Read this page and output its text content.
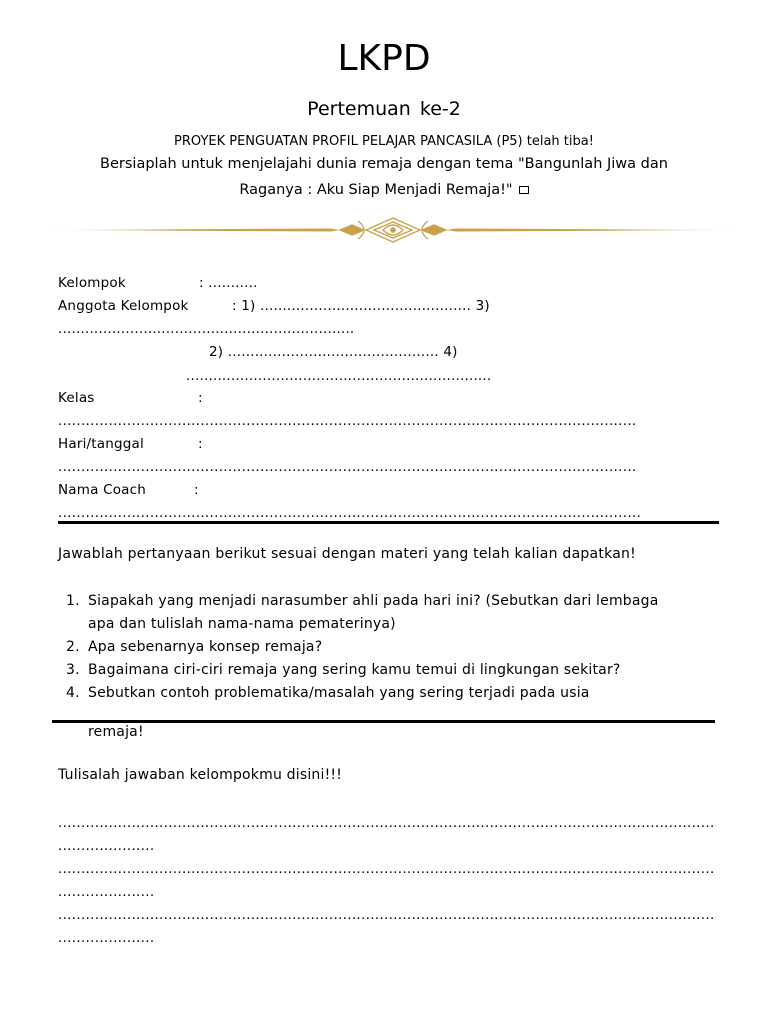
LKPD
Pertemuan ke-2
PROYEK PENGUATAN PROFIL PELAJAR PANCASILA (P5) telah tiba!
Bersiaplah untuk menjelajahi dunia remaja dengan tema "Bangunlah Jiwa dan
Raganya : Aku Siap Menjadi Remaja!"
Kelompok	: ...........
Anggota Kelompok	: 1) ............................................... 3)
..................................................................
2) ............................................... 4)
....................................................................
Kelas	:
..............................................................................................................................
Hari/tanggal	:
..............................................................................................................................
Nama Coach	:
...............................................................................................................................
Jawablah pertanyaan berikut sesuai dengan materi yang telah kalian dapatkan!
1. Siapakah yang menjadi narasumber ahli pada hari ini? (Sebutkan dari lembaga
apa dan tulislah nama-nama pematerinya)
2. Apa sebenarnya konsep remaja?
3. Bagaimana ciri-ciri remaja yang sering kamu temui di lingkungan sekitar?
4. Sebutkan contoh problematika/masalah yang sering terjadi pada usia
remaja!
Tulisalah jawaban kelompokmu disini!!!
...............................................................................................................................................
.....................
...............................................................................................................................................
.....................
...............................................................................................................................................
.....................
